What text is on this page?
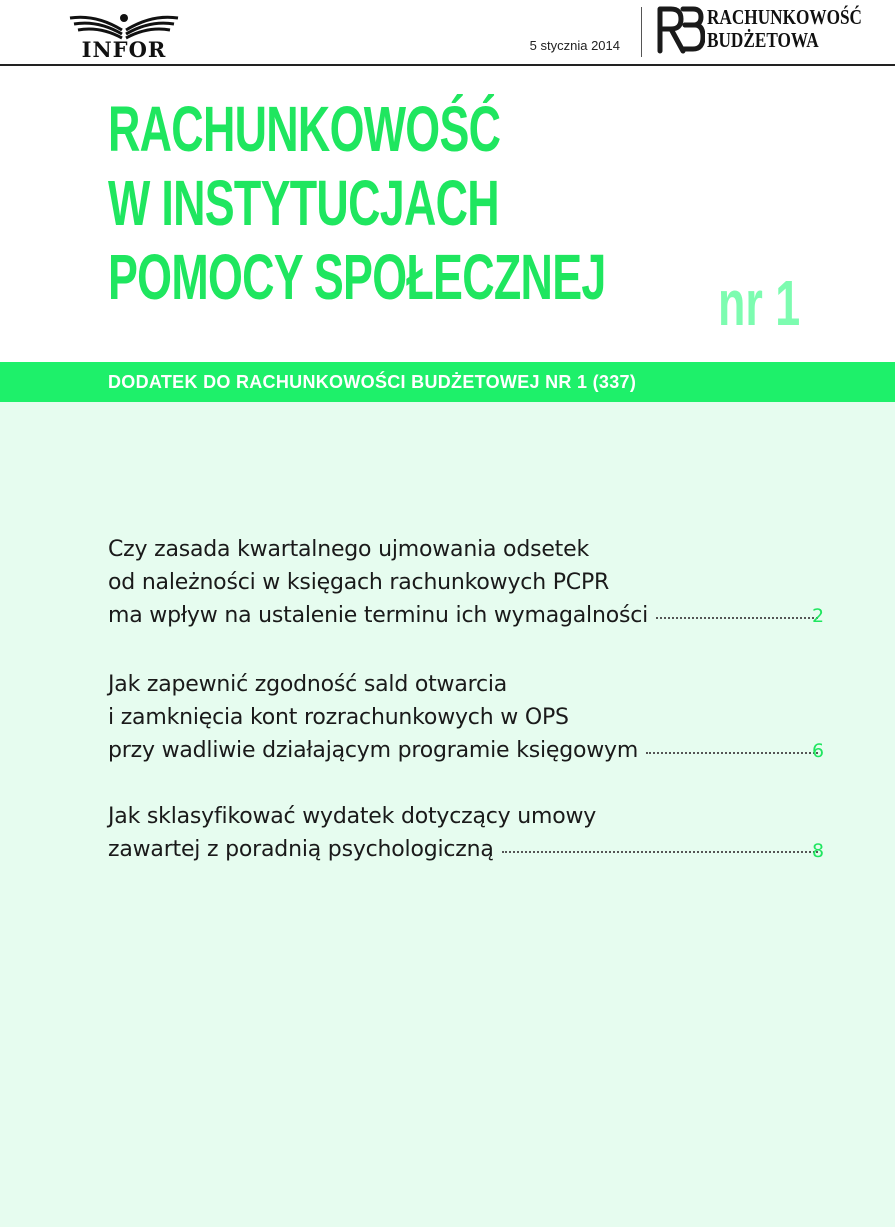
INFOR	5 stycznia 2014
RACHUNKOWOŚĆ
BUDŻETOWA
RACHUNKOWOŚĆ
W INSTYTUCJACH
POMOCY SPOŁECZNEJ	nr 1
DODATEK DO RACHUNKOWOŚCI BUDŻETOWEJ NR 1 (337)
Czy zasada kwartalnego ujmowania odsetek
od należności w księgach rachunkowych PCPR
ma wpływ na ustalenie terminu ich wymagalności	2
Jak zapewnić zgodność sald otwarcia
i zamknięcia kont rozrachunkowych w OPS
przy wadliwie działającym programie księgowym	6
Jak sklasyfikować wydatek dotyczący umowy
zawartej z poradnią psychologiczną	8
